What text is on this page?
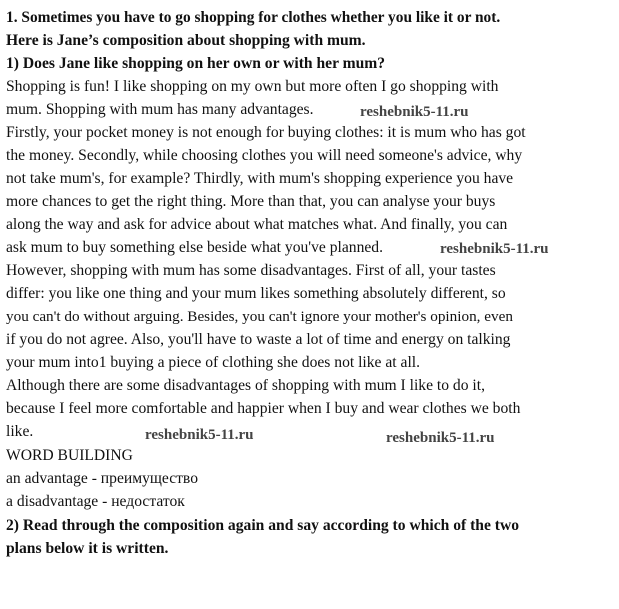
1. Sometimes you have to go shopping for clothes whether you like it or not.
Here is Jane’s composition about shopping with mum.
1) Does Jane like shopping on her own or with her mum?
Shopping is fun! I like shopping on my own but more often I go shopping with
mum. Shopping with mum has many advantages.
Firstly, your pocket money is not enough for buying clothes: it is mum who has got
the money. Secondly, while choosing clothes you will need someone's advice, why
not take mum's, for example? Thirdly, with mum's shopping experience you have
more chances to get the right thing. More than that, you can analyse your buys
along the way and ask for advice about what matches what. And finally, you can
ask mum to buy something else beside what you've planned.
However, shopping with mum has some disadvantages. First of all, your tastes
differ: you like one thing and your mum likes something absolutely different, so
you can't do without arguing. Besides, you can't ignore your mother's opinion, even
if you do not agree. Also, you'll have to waste a lot of time and energy on talking
your mum into1 buying a piece of clothing she does not like at all.
Although there are some disadvantages of shopping with mum I like to do it,
because I feel more comfortable and happier when I buy and wear clothes we both
like.
WORD BUILDING
an advantage - преимущество
a disadvantage - недостаток
2) Read through the composition again and say according to which of the two
plans below it is written.
reshebnik5-11.ru
reshebnik5-11.ru
reshebnik5-11.ru	reshebnik5-11.ru
